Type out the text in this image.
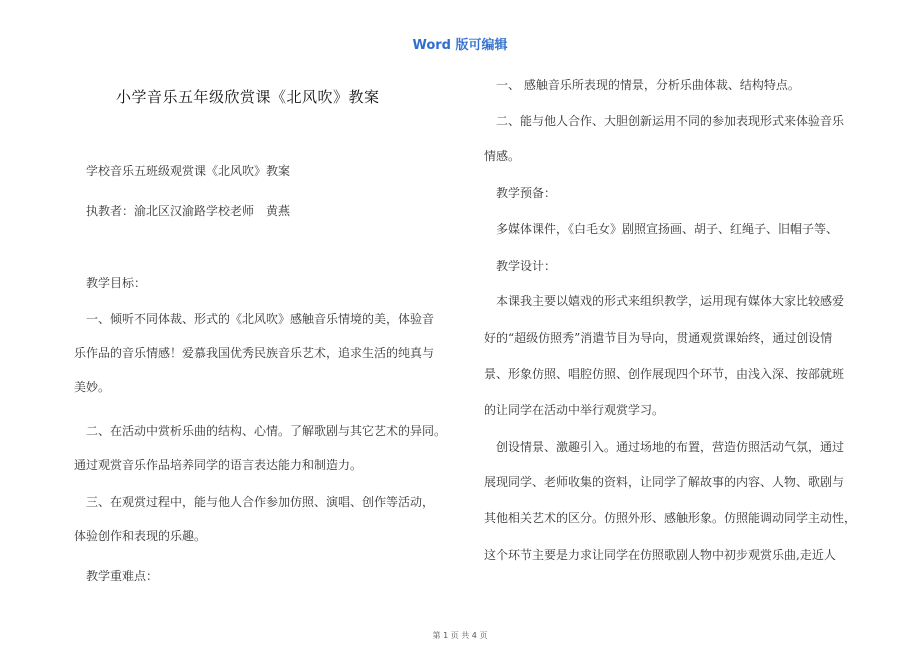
Word 版可编辑
小学音乐五年级欣赏课《北风吹》教案

学校音乐五班级观赏课《北风吹》教案

执教者：渝北区汉渝路学校老师　黄燕

教学目标：

一、倾听不同体裁、形式的《北风吹》感触音乐情境的美，体验音

乐作品的音乐情感！爱慕我国优秀民族音乐艺术，追求生活的纯真与

美妙。

二、在活动中赏析乐曲的结构、心情。了解歌剧与其它艺术的异同。

通过观赏音乐作品培养同学的语言表达能力和制造力。

三、在观赏过程中，能与他人合作参加仿照、演唱、创作等活动，

体验创作和表现的乐趣。

教学重难点：

一、 感触音乐所表现的情景，分析乐曲体裁、结构特点。

二、能与他人合作、大胆创新运用不同的参加表现形式来体验音乐

情感。

教学预备：

多媒体课件，《白毛女》剧照宣扬画、胡子、红绳子、旧帽子等、

教学设计：

本课我主要以嬉戏的形式来组织教学，运用现有媒体大家比较感爱

好的“超级仿照秀”消遣节目为导向，贯通观赏课始终，通过创设情

景、形象仿照、唱腔仿照、创作展现四个环节，由浅入深、按部就班

的让同学在活动中举行观赏学习。

创设情景、激趣引入。通过场地的布置，营造仿照活动气氛，通过

展现同学、老师收集的资料，让同学了解故事的内容、人物、歌剧与

其他相关艺术的区分。仿照外形、感触形象。仿照能调动同学主动性，

这个环节主要是力求让同学在仿照歌剧人物中初步观赏乐曲,走近人

第 1 页 共 4 页
